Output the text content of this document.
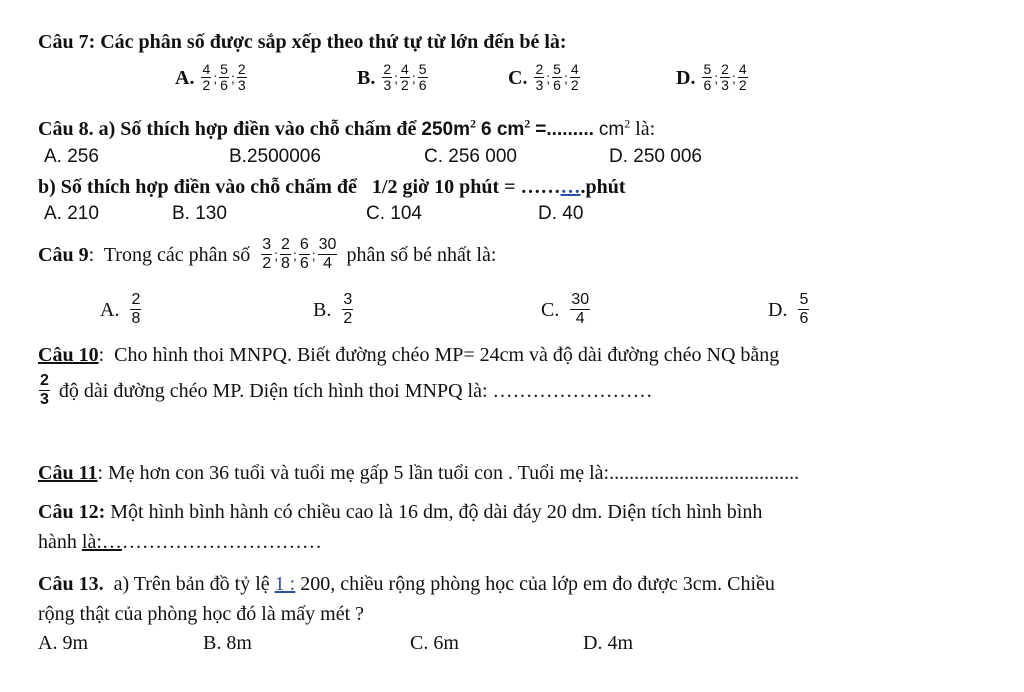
Câu 7: Các phân số được sắp xếp theo thứ tự từ lớn đến bé là:
A. $\frac{4}{2}$ ; $\frac{5}{6}$ ; $\frac{2}{3}$	B. $\frac{2}{3}$ ; $\frac{4}{2}$ ; $\frac{5}{6}$	C. $\frac{2}{3}$ ; $\frac{5}{6}$ ; $\frac{4}{2}$	D. $\frac{5}{6}$ ; $\frac{2}{3}$ ; $\frac{4}{2}$
Câu 8. a) Số thích hợp điền vào chỗ chấm để $250m^2$ 6 $cm^2$ =......... $cm^2$ là:
A. 256	B.2500006	C. 256 000	D. 250 006
b) Số thích hợp điền vào chỗ chấm để 1/2 giờ 10 phút = ……….phút
A. 210	B. 130	C. 104	D. 40
Câu 9 :  Trong các phân số $\frac{3}{2}$ ; $\frac{2}{8}$ ; $\frac{6}{6}$ ; $\frac{30}{4}$ phân số bé nhất là:
A. $\frac{2}{8}$	B. $\frac{3}{2}$	C. $\frac{30}{4}$	D. $\frac{5}{6}$
Câu 10:  Cho hình thoi MNPQ. Biết đường chéo MP= 24cm và độ dài đường chéo NQ bằng
$\frac{2}{3}$ độ dài đường chéo MP. Diện tích hình thoi MNPQ là: ……………………
Câu 11: Mẹ hơn con 36 tuổi và tuổi mẹ gấp 5 lần tuổi con . Tuổi mẹ là:......................................
Câu 12: Một hình bình hành có chiều cao là 16 dm, độ dài đáy 20 dm. Diện tích hình bình
hành là:……………………………
Câu 13.  a) Trên bản đồ tỷ lệ 1 : 200, chiều rộng phòng học của lớp em đo được 3cm. Chiều
rộng thật của phòng học đó là mấy mét ?
A. 9m	B. 8m	C. 6m	D. 4m
